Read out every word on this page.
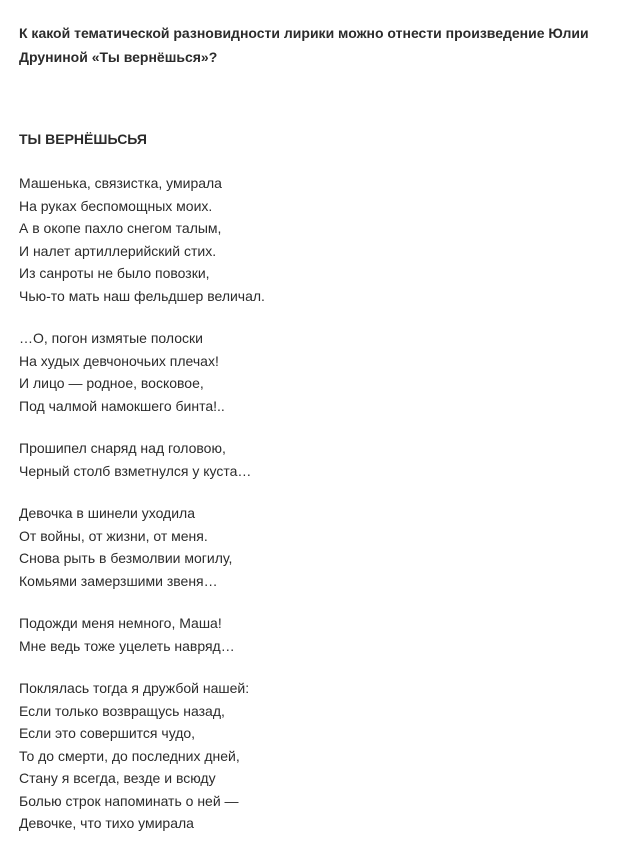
К какой тематической разновидности лирики можно отнести произведение Юлии Друниной «Ты вернёшься»?

ТЫ ВЕРНЁШЬСЬЯ
Машенька, связистка, умирала
На руках беспомощных моих.
А в окопе пахло снегом талым,
И налет артиллерийский стих.
Из санроты не было повозки,
Чью-то мать наш фельдшер величал.
…О, погон измятые полоски
На худых девчоночьих плечах!
И лицо — родное, восковое,
Под чалмой намокшего бинта!..
Прошипел снаряд над головою,
Черный столб взметнулся у куста…
Девочка в шинели уходила
От войны, от жизни, от меня.
Снова рыть в безмолвии могилу,
Комьями замерзшими звеня…
Подожди меня немного, Маша!
Мне ведь тоже уцелеть навряд…
Поклялась тогда я дружбой нашей:
Если только возвращусь назад,
Если это совершится чудо,
То до смерти, до последних дней,
Стану я всегда, везде и всюду
Болью строк напоминать о ней —
Девочке, что тихо умирала
